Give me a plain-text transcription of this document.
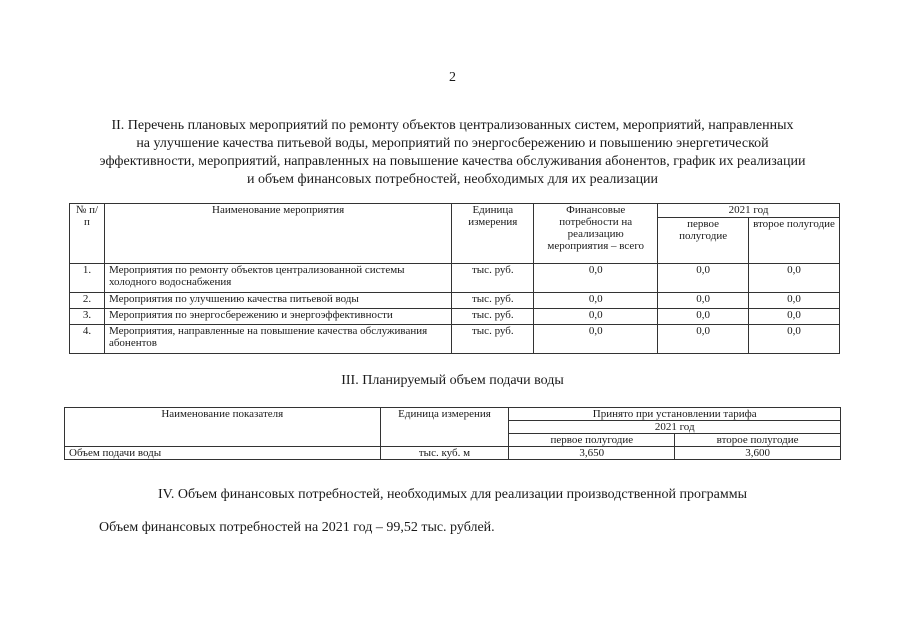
2
II. Перечень плановых мероприятий по ремонту объектов централизованных систем, мероприятий, направленных
на улучшение качества питьевой воды, мероприятий по энергосбережению и повышению энергетической
эффективности, мероприятий, направленных на повышение качества обслуживания абонентов, график их реализации
и объем финансовых потребностей, необходимых для их реализации
№ п/п	Наименование мероприятия	Единица измерения	Финансовые потребности на реализацию мероприятия – всего	2021 год	
				первое полугодие	второе полугодие
1.	Мероприятия по ремонту объектов централизованной системы холодного водоснабжения	тыс. руб.	0,0	0,0	0,0
2.	Мероприятия по улучшению качества питьевой воды	тыс. руб.	0,0	0,0	0,0
3.	Мероприятия по энергосбережению и энергоэффективности	тыс. руб.	0,0	0,0	0,0
4.	Мероприятия, направленные на повышение качества обслуживания абонентов	тыс. руб.	0,0	0,0	0,0
III. Планируемый объем подачи воды
Наименование показателя	Единица измерения	Принято при установлении тарифа	
		2021 год	
		первое полугодие	второе полугодие
Объем подачи воды	тыс. куб. м	3,650	3,600
IV. Объем финансовых потребностей, необходимых для реализации производственной программы
Объем финансовых потребностей на 2021 год – 99,52 тыс. рублей.
